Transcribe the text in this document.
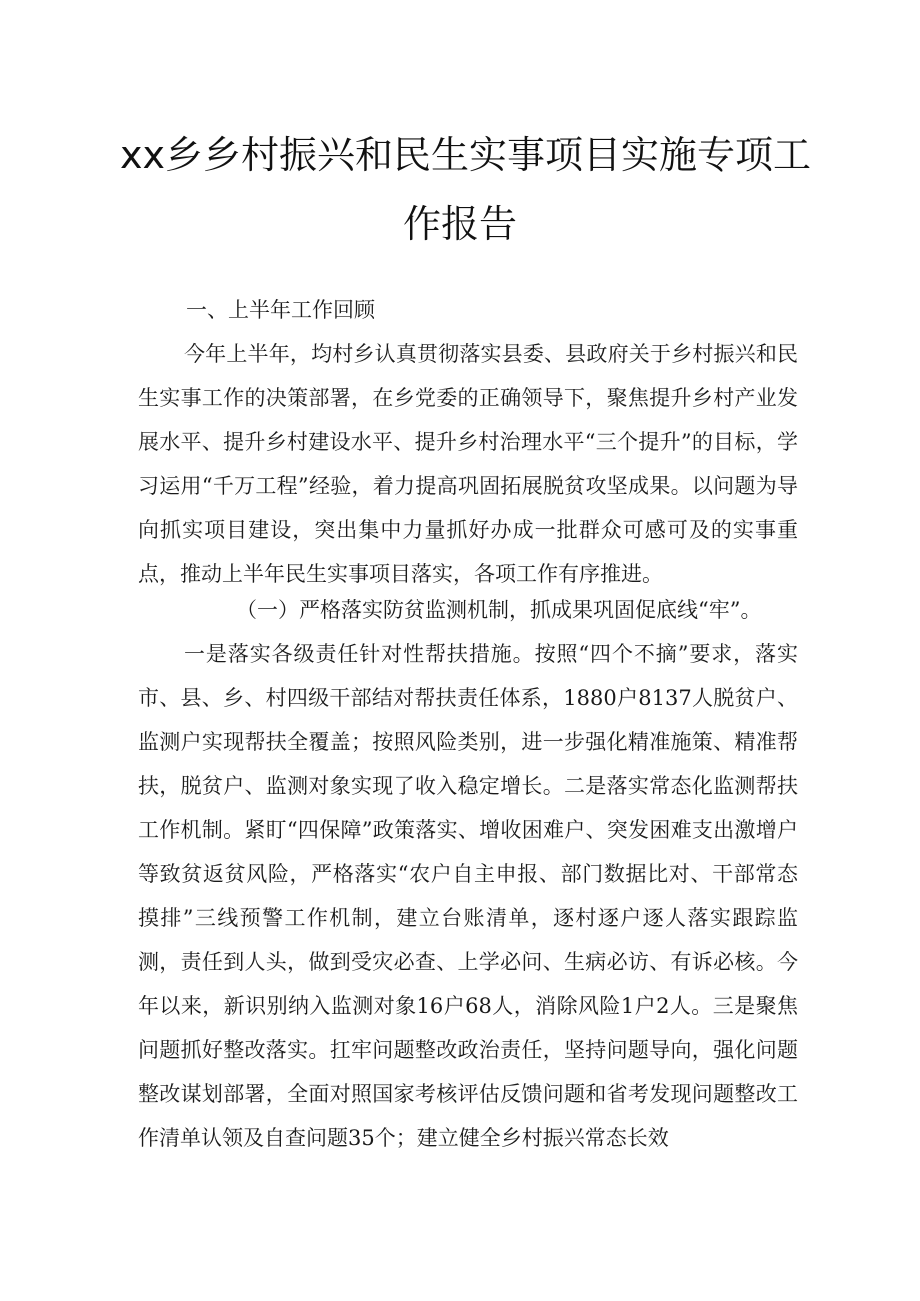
xx乡乡村振兴和民生实事项目实施专项工
作报告
一、上半年工作回顾
今年上半年，均村乡认真贯彻落实县委、县政府关于乡村振兴和民生实事工作的决策部署，在乡党委的正确领导下，聚焦提升乡村产业发展水平、提升乡村建设水平、提升乡村治理水平“三个提升”的目标，学习运用“千万工程”经验，着力提高巩固拓展脱贫攻坚成果。以问题为导向抓实项目建设，突出集中力量抓好办成一批群众可感可及的实事重点，推动上半年民生实事项目落实，各项工作有序推进。
（一）严格落实防贫监测机制，抓成果巩固促底线“牢”。
一是落实各级责任针对性帮扶措施。按照“四个不摘”要求，落实市、县、乡、村四级干部结对帮扶责任体系，1880户8137人脱贫户、监测户实现帮扶全覆盖；按照风险类别，进一步强化精准施策、精准帮扶，脱贫户、监测对象实现了收入稳定增长。二是落实常态化监测帮扶工作机制。紧盯“四保障”政策落实、增收困难户、突发困难支出激增户等致贫返贫风险，严格落实“农户自主申报、部门数据比对、干部常态摸排”三线预警工作机制，建立台账清单，逐村逐户逐人落实跟踪监测，责任到人头，做到受灾必查、上学必问、生病必访、有诉必核。今年以来，新识别纳入监测对象16户68人，消除风险1户2人。三是聚焦问题抓好整改落实。扛牢问题整改政治责任，坚持问题导向，强化问题整改谋划部署，全面对照国家考核评估反馈问题和省考发现问题整改工作清单认领及自查问题35个；建立健全乡村振兴常态长效
